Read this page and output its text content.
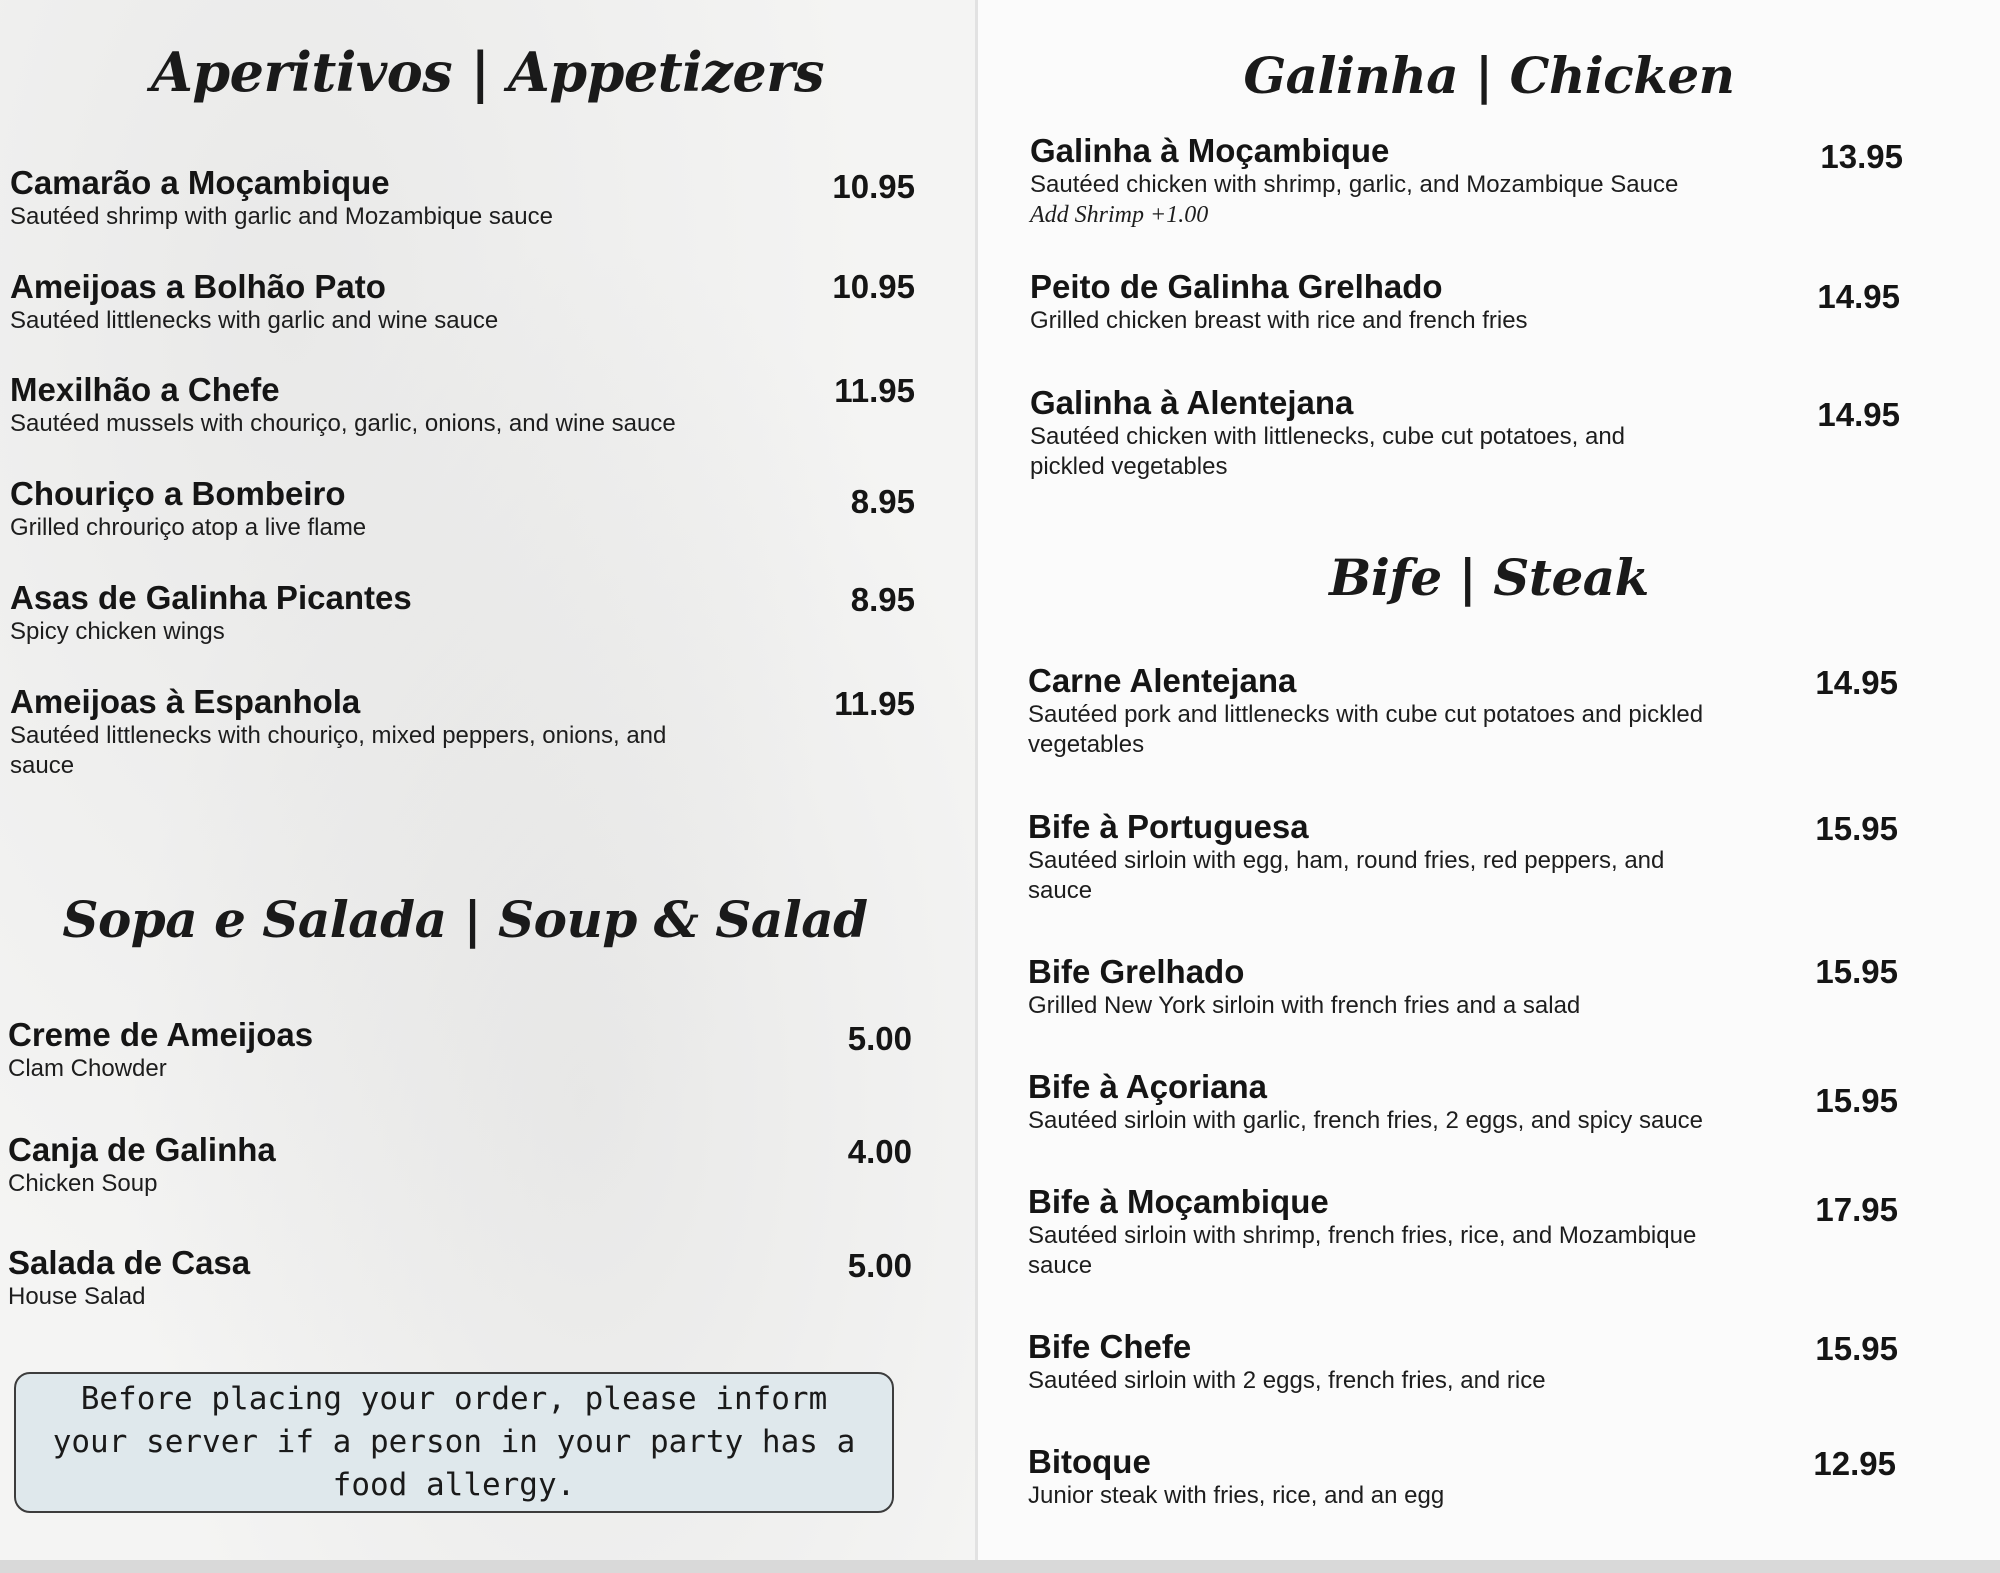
Aperitivos | Appetizers
Camarão a Moçambique
Sautéed shrimp with garlic and Mozambique sauce
10.95
Ameijoas a Bolhão Pato
Sautéed littlenecks with garlic and wine sauce
10.95
Mexilhão a Chefe
Sautéed mussels with chouriço, garlic, onions, and wine sauce
11.95
Chouriço a Bombeiro
Grilled chrouriço atop a live flame
8.95
Asas de Galinha Picantes
Spicy chicken wings
8.95
Ameijoas à Espanhola
Sautéed littlenecks with chouriço, mixed peppers, onions, and sauce
11.95
Sopa e Salada | Soup & Salad
Creme de Ameijoas
Clam Chowder
5.00
Canja de Galinha
Chicken Soup
4.00
Salada de Casa
House Salad
5.00
Before placing your order, please inform your server if a person in your party has a food allergy.
Galinha | Chicken
Galinha à Moçambique
Sautéed chicken with shrimp, garlic, and Mozambique Sauce
Add Shrimp +1.00
13.95
Peito de Galinha Grelhado
Grilled chicken breast with rice and french fries
14.95
Galinha à Alentejana
Sautéed chicken with littlenecks, cube cut potatoes, and pickled vegetables
14.95
Bife | Steak
Carne Alentejana
Sautéed pork and littlenecks with cube cut potatoes and pickled vegetables
14.95
Bife à Portuguesa
Sautéed sirloin with egg, ham, round fries, red peppers, and sauce
15.95
Bife Grelhado
Grilled New York sirloin with french fries and a salad
15.95
Bife à Açoriana
Sautéed sirloin with garlic, french fries, 2 eggs, and spicy sauce
15.95
Bife à Moçambique
Sautéed sirloin with shrimp, french fries, rice, and Mozambique sauce
17.95
Bife Chefe
Sautéed sirloin with 2 eggs, french fries, and rice
15.95
Bitoque
Junior steak with fries, rice, and an egg
12.95
